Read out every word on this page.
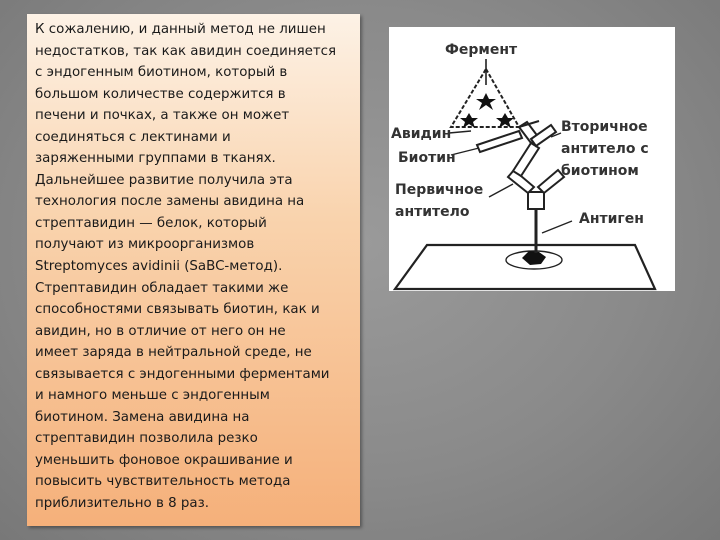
К сожалению, и данный метод не лишен
недостатков, так как авидин соединяется
с эндогенным биотином, который в
большом количестве содержится в
печени и почках, а также он может
соединяться с лектинами и
заряженными группами в тканях.
Дальнейшее развитие получила эта
технология после замены авидина на
стрептавидин — белок, который
получают из микроорганизмов
Streptomyces avidinii (SaBC-метод).
Стрептавидин обладает такими же
способностями связывать биотин, как и
авидин, но в отличие от него он не
имеет заряда в нейтральной среде, не
связывается с эндогенными ферментами
и намного меньше с эндогенным
биотином. Замена авидина на
стрептавидин позволила резко
уменьшить фоновое окрашивание и
повысить чувствительность метода
приблизительно в 8 раз.
Фермент
Авидин
Биотин
Вторичное
антитело с
биотином
Первичное
антитело	Антиген
